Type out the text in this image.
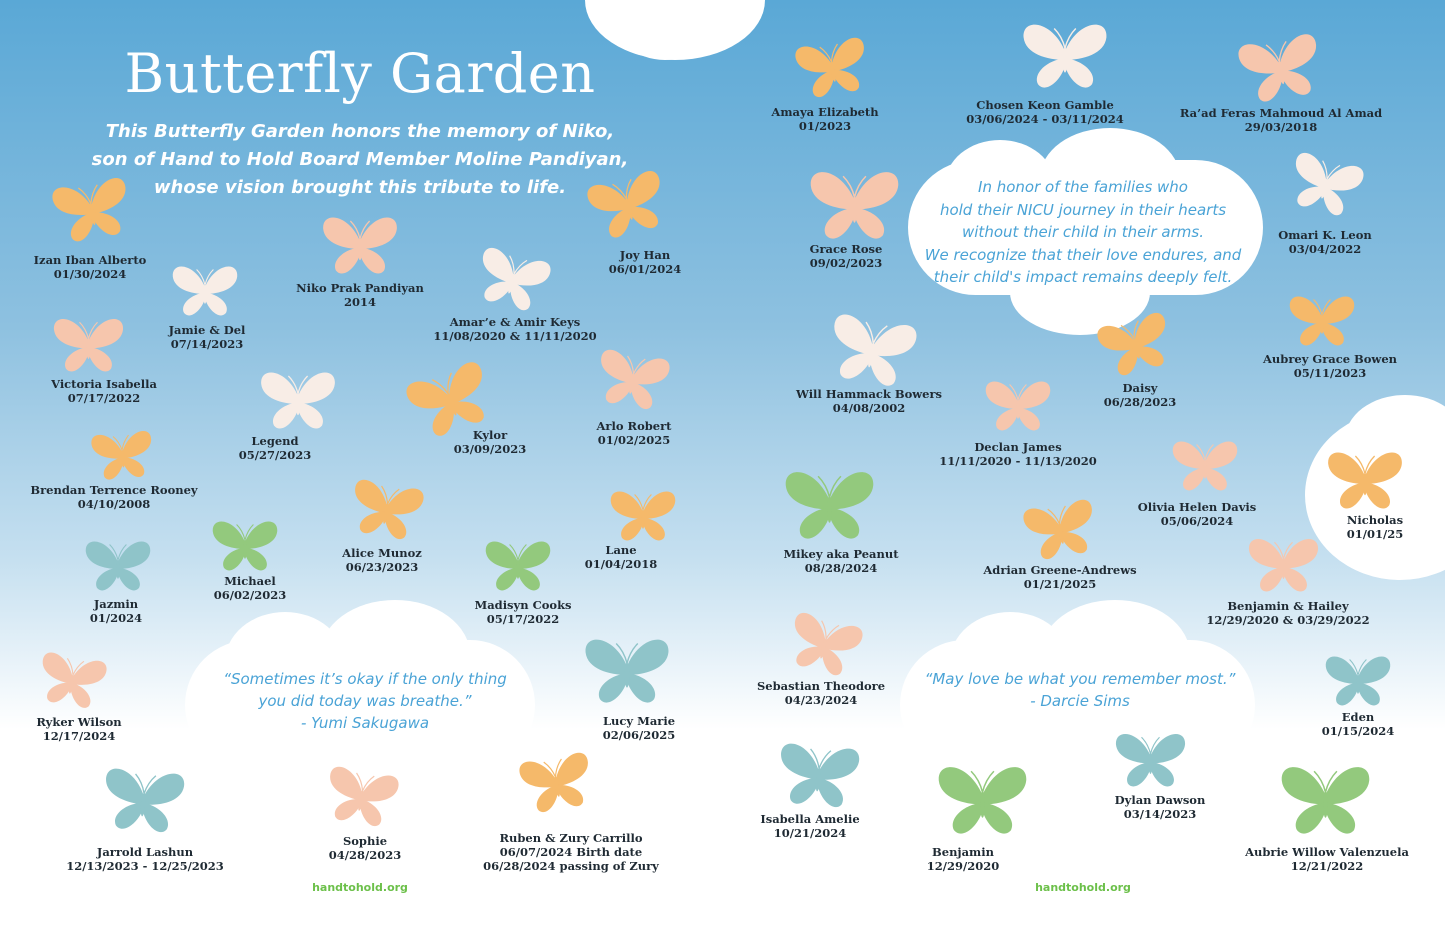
Butterfly Garden
This Butterfly Garden honors the memory of Niko,
son of Hand to Hold Board Member Moline Pandiyan,
whose vision brought this tribute to life.	In honor of the families who
hold their NICU journey in their hearts
without their child in their arms.
We recognize that their love endures, and
their child's impact remains deeply felt.
“Sometimes it’s okay if the only thing
you did today was breathe.”
- Yumi Sakugawa
“May love be what you remember most.”
- Darcie Sims
handtohold.org	handtohold.org
Izan Iban Alberto
01/30/2024
Jamie & Del
07/14/2023
Niko Prak Pandiyan
2014
Amar’e & Amir Keys
11/08/2020 & 11/11/2020
Joy Han
06/01/2024
Victoria Isabella
07/17/2022
Legend
05/27/2023
Kylor
03/09/2023
Arlo Robert
01/02/2025
Brendan Terrence Rooney
04/10/2008
Alice Munoz
06/23/2023
Lane
01/04/2018
Michael
06/02/2023
Jazmin
01/2024
Madisyn Cooks
05/17/2022
Ryker Wilson
12/17/2024
Lucy Marie
02/06/2025
Jarrold Lashun
12/13/2023 - 12/25/2023
Sophie
04/28/2023
Ruben & Zury Carrillo
06/07/2024 Birth date
06/28/2024 passing of Zury
Amaya Elizabeth
01/2023
Chosen Keon Gamble
03/06/2024 - 03/11/2024	Ra’ad Feras Mahmoud Al Amad
29/03/2018
Grace Rose
09/02/2023
Omari K. Leon
03/04/2022
Aubrey Grace Bowen
05/11/2023
Will Hammack Bowers
04/08/2002
Daisy
06/28/2023
Declan James
11/11/2020 - 11/13/2020
Olivia Helen Davis
05/06/2024	Nicholas
01/01/25
Mikey aka Peanut
08/28/2024	Adrian Greene-Andrews
01/21/2025
Benjamin & Hailey
12/29/2020 & 03/29/2022
Sebastian Theodore
04/23/2024
Eden
01/15/2024
Isabella Amelie
10/21/2024
Dylan Dawson
03/14/2023
Benjamin
12/29/2020
Aubrie Willow Valenzuela
12/21/2022
